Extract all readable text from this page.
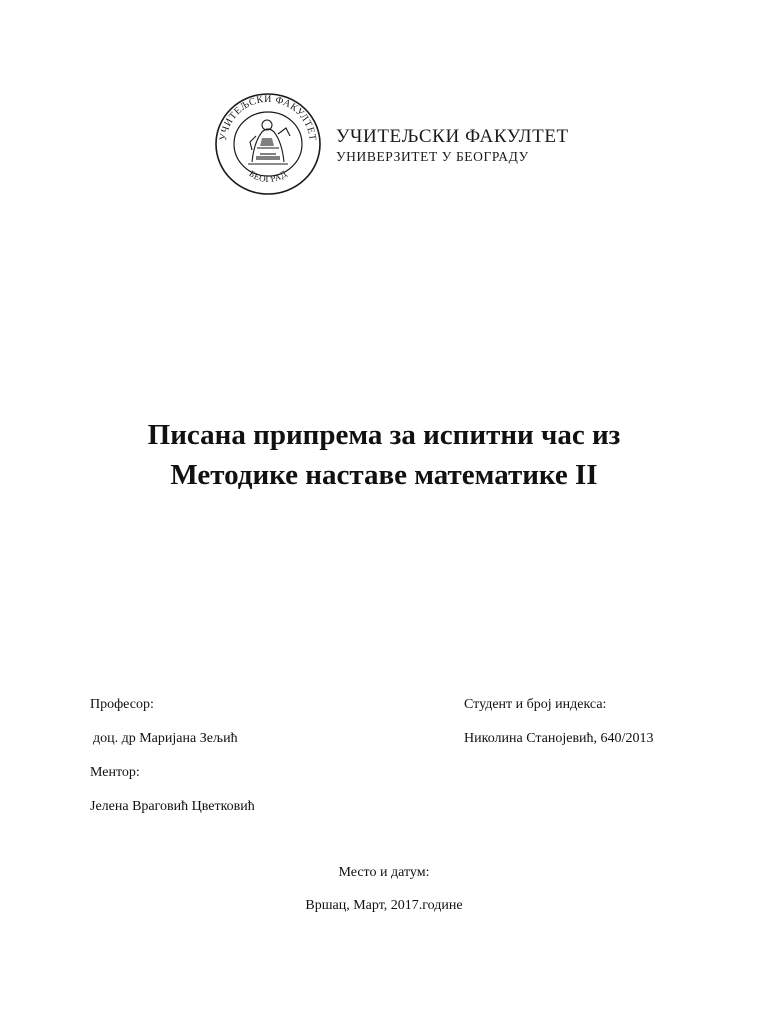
УЧИТЕЉСКИ ФАКУЛТЕТ
БЕОГРАД
УЧИТЕЉСКИ ФАКУЛТЕТ
УНИВЕРЗИТЕТ У БЕОГРАДУ
Писана припрема за испитни час из
Методике наставе математике II
Професор:
доц. др Маријана Зељић
Ментор:
Јелена Враговић Цветковић
Студент и број индекса:
Николина Станојевић, 640/2013
Место и датум:
Вршац, Март, 2017.године
